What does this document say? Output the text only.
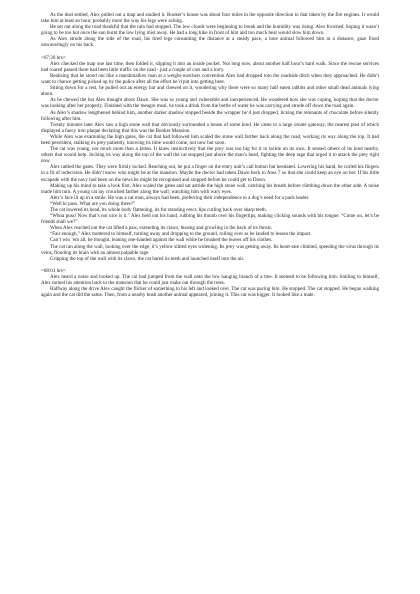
As the dust settled, Alex pulled out a map and studied it. Booker’s house was about four miles in the opposite direction to that taken by the fire engines. It would take him at least an hour, probably more the way his legs were aching.

He set out along the road thankful that the rain had stopped. The low clouds were beginning to break and the humidity was rising. Alex frowned, hoping it wasn’t going to be too hot once the sun burnt the low lying mist away. He had a long hike in front of him and too much heat would slow him down.

As Alex strode along the side of the road, his tired legs consuming the distance at a steady pace, a lone animal followed him at a distance, gaze fixed unwaveringly on his back.

=07:30 hrs=

Alex checked the map one last time, then folded it, slipping it into an inside pocket. Not long now, about another half hour’s hard walk. Since the rescue services had roared passed there had been little traffic on the road - just a couple of cars and a lorry.

Realising that he stood out like a marshmallow man at a weight-watchers convention Alex had dropped into the roadside ditch when they approached. He didn’t want to chance getting picked up by the police after all the effort he’d put into getting here.

Sitting down for a rest, he pulled out an energy bar and chewed on it, wondering why there were so many half eaten rabbits and other small dead animals lying about.

As he chewed the bar Alex thought about Dawn. She was so young and vulnerable and inexperienced. He wondered how she was coping, hoping that the doctor was looking after her properly. Finished with the meagre meal, he took a drink from the bottle of water he was carrying and strode off down the road again.

As Alex’s shadow lengthened behind him, another darker shadow stopped beside the wrapper he’d just dropped, licking the remnants of chocolate before silently following after him.

Twenty minutes later Alex saw a high stone wall that obviously surrounded a house of some kind. He came to a large ornate gateway, the nearest post of which displayed a fancy iron plaque declaring that this was the Booker Mansion.

While Alex was examining the high gates, the cat that had followed him scaled the stone wall farther back along the road, working its way along the top. It had been persistent, stalking its prey patiently, knowing its time would come, not now but soon.

The cat was young, not much more than a kitten. It knew instinctively that the prey was too big for it to tackle on its own. It sensed others of its kind nearby, others that would help. Inching its way along the top of the wall the cat stopped just above the man’s head, fighting the deep rage that urged it to attack the prey right now.

Alex rattled the gates. They were firmly locked. Reaching out, he put a finger on the entry unit’s call button but hesitated. Lowering his hand, he curled his fingers in a fit of indecision. He didn’t know who might be at the mansion. Maybe the doctor had taken Dawn back to Area 7 so that she could keep an eye on her. If his little escapade with the navy had been on the news he might be recognised and stopped before he could get to Dawn.

Making up his mind to take a look first, Alex scaled the gates and sat astride the high stone wall, catching his breath before climbing down the other side. A noise made him turn. A young cat lay crouched farther along the wall, watching him with wary eyes.

Alex’s face lit up in a smile. He was a cat man, always had been, preferring their independence to a dog’s need for a pack leader.

“Well hi puss. What are you doing there?”

The cat lowered its head, its whole body flattening, its fur standing erect, lips curling back over sharp teeth.

“Whoa puss! Now that’s not nice is it.” Alex held out his hand, rubbing his thumb over his fingertips, making clicking sounds with his tongue. “Come on, let’s be friends shall we?”

When Alex reached out the cat lifted a paw, extending its claws, hissing and growling in the back of its throat.

“Fair enough,” Alex muttered to himself, turning away and dropping to the ground, rolling over as he landed to lessen the impact.

Can’t win ’em all, he thought, leaning one-handed against the wall while he brushed the leaves off his clothes.

The cat ran along the wall, looking over the edge, it’s yellow slitted eyes widening. Its prey was getting away. Its heart-rate climbed, speeding the virus through its veins, flooding its brain with an almost palpable rage.

Gripping the top of the wall with its claws, the cat bared its teeth and launched itself into the air.

=08:01 hrs=

Alex heard a noise and looked up. The cat had jumped from the wall onto the low hanging branch of a tree. It seemed to be following him. Smiling to himself, Alex turned his attention back to the mansion that he could just make out through the trees.

Halfway along the drive Alex caught the flicker of something to his left and looked over. The cat was pacing him. He stopped. The cat stopped. He began walking again and the cat did the same. Then, from a nearby bush another animal appeared, joining it. This cat was bigger. It looked like a male.
